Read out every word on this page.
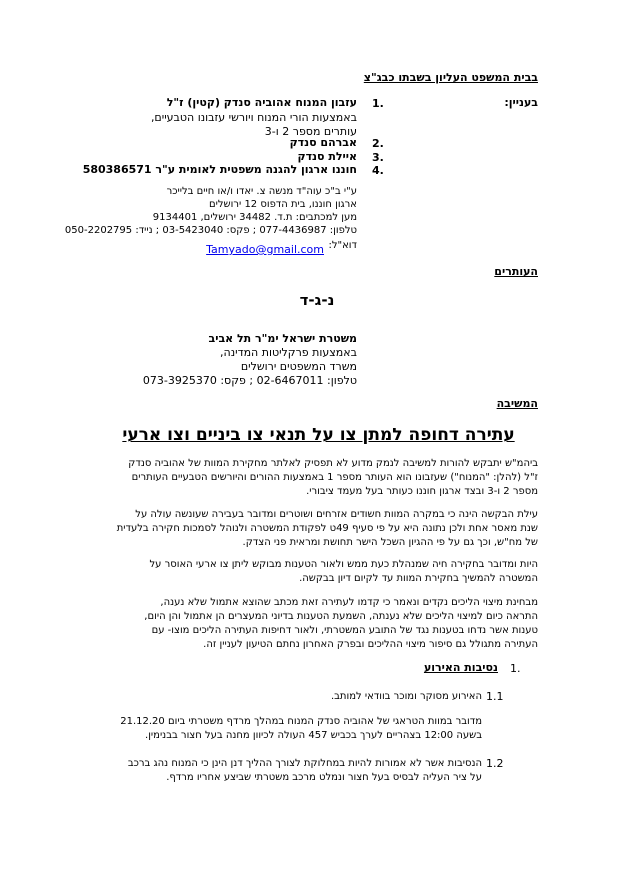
בבית המשפט העליון בשבתו כבג"צ
בעניין:
1.
עזבון המנוח אהוביה סנדק (קטין) ז"ל
באמצעות הורי המנוח ויורשי עזבונו הטבעיים,
עותרים מספר 2 ו-3
2.
אברהם סנדק
3.
איילת סנדק
4.
חוננו ארגון להגנה משפטית לאומית ע"ר 580386571
ע"י ב"כ עוה"ד מנשה צ. יאדו ו/או חיים בלייכר
ארגון חוננו, בית הדפוס 12 ירושלים
מען למכתבים: ת.ד. 34482 ירושלים, 9134401
טלפון: 077-4436987 ; פקס: 03-5423040 ; נייד: 050-2202795
דוא"ל:
Tamyado@gmail.com
העותרים
נ-ג-ד
משטרת ישראל ימ"ר תל אביב
באמצעות פרקליטות המדינה,
משרד המשפטים ירושלים
טלפון: 02-6467011 ; פקס: 073-3925370
המשיבה
עתירה דחופה למתן צו על תנאי צו ביניים וצו ארעי
ביהמ"ש יתבקש להורות למשיבה לנמק מדוע לא תפסיק לאלתר מחקירת המוות של אהוביה סנדק
ז"ל (להלן: "המנוח") שעזבונו הוא העותר מספר 1 באמצעות ההורים והיורשים הטבעיים העותרים
מספר 2 ו-3 ובצד ארגון חוננו כעותר בעל מעמד ציבורי.
עילת הבקשה הינה כי במקרה המוות חשודים אזרחים ושוטרים ומדובר בעבירה שעונשה עולה על
שנת מאסר אחת ולכן נתונה היא על פי סעיף 49ט לפקודת המשטרה ולנוהל לסמכות חקירה בלעדית
של מח"ש, וכך גם על פי ההגיון השכל הישר תחושת ומראית פני הצדק.
היות ומדובר בחקירה חיה שמנהלת כעת ממש ולאור הטענות מבוקש ליתן צו ארעי האוסר על
המשטרה להמשיך בחקירת המוות עד לקיום דיון בבקשה.
מבחינת מיצוי הליכים נקדים ונאמר כי קדמו לעתירה זאת מכתב שהוצא אתמול שלא נענה,
התראה כיום למיצוי הליכים שלא נענתה, השמעת הטענות בדיוני המעצרים הן אתמול והן היום,
טענות אשר נדחו בטענות נגד של התובע המשטרתי, ולאור דחיפות העתירה הליכים מוצו- עם
העתירה מתגולל גם סיפור מיצוי ההליכים ובפרק האחרון נחתם הטיעון לעניין זה.
1.
נסיבות האירוע
1.1
האירוע מסוקר ומוכר בוודאי למותב.
מדובר במוות הטראגי של אהוביה סנדק המנוח במהלך מרדף משטרתי ביום 21.12.20
בשעה 12:00 בצהריים לערך בכביש 457 העולה לכיוון מחנה בעל חצור בבנימין.
1.2
הנסיבות אשר לא אמורות להיות במחלוקת לצורך ההליך דנן הינן כי המנוח נהג ברכב
על ציר העליה לבסיס בעל חצור ונמלט מרכב משטרתי שביצע אחריו מרדף.
